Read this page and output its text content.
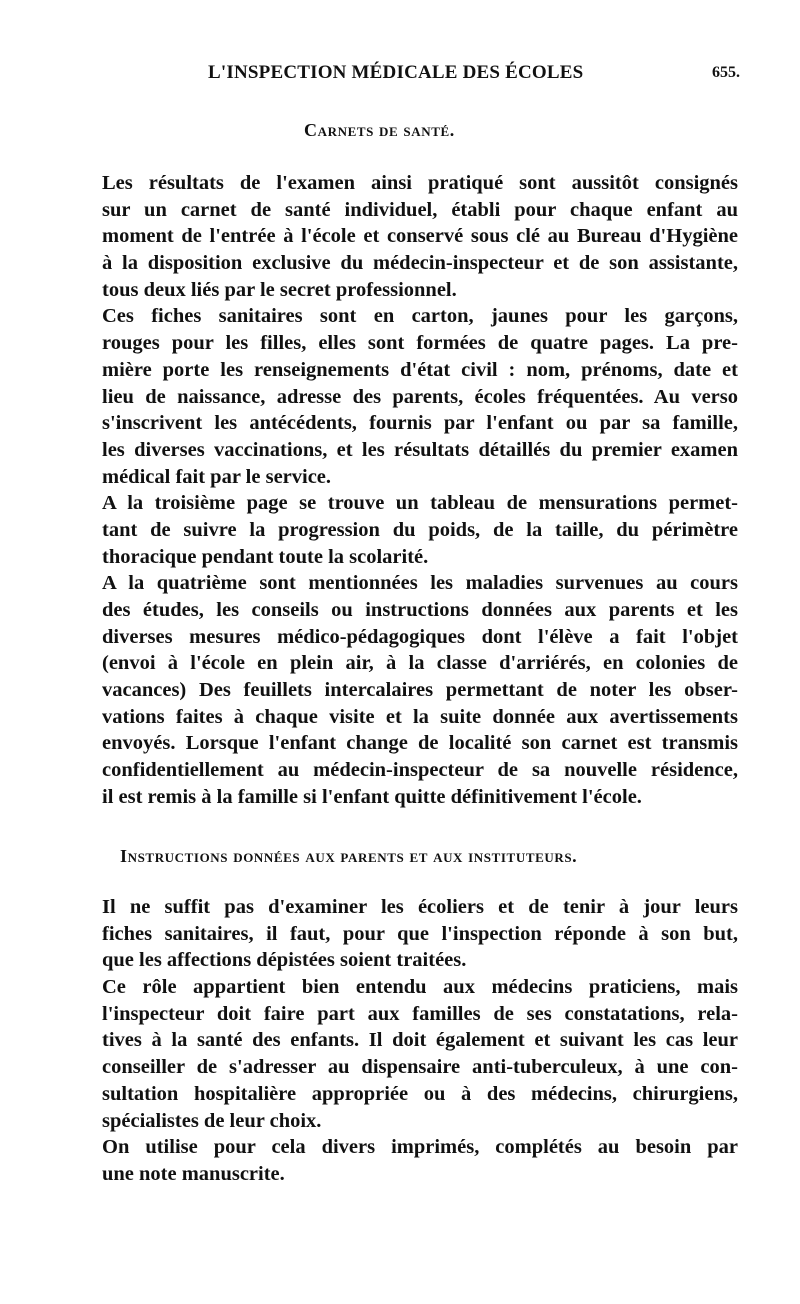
L'INSPECTION MÉDICALE DES ÉCOLES	655.
Carnets de santé.
Les résultats de l'examen ainsi pratiqué sont aussitôt consignés
sur un carnet de santé individuel, établi pour chaque enfant au
moment de l'entrée à l'école et conservé sous clé au Bureau d'Hygiène
à la disposition exclusive du médecin-inspecteur et de son assistante,
tous deux liés par le secret professionnel.
Ces fiches sanitaires sont en carton, jaunes pour les garçons,
rouges pour les filles, elles sont formées de quatre pages. La pre-
mière porte les renseignements d'état civil : nom, prénoms, date et
lieu de naissance, adresse des parents, écoles fréquentées. Au verso
s'inscrivent les antécédents, fournis par l'enfant ou par sa famille,
les diverses vaccinations, et les résultats détaillés du premier examen
médical fait par le service.
A la troisième page se trouve un tableau de mensurations permet-
tant de suivre la progression du poids, de la taille, du périmètre
thoracique pendant toute la scolarité.
A la quatrième sont mentionnées les maladies survenues au cours
des études, les conseils ou instructions données aux parents et les
diverses mesures médico-pédagogiques dont l'élève a fait l'objet
(envoi à l'école en plein air, à la classe d'arriérés, en colonies de
vacances) Des feuillets intercalaires permettant de noter les obser-
vations faites à chaque visite et la suite donnée aux avertissements
envoyés. Lorsque l'enfant change de localité son carnet est transmis
confidentiellement au médecin-inspecteur de sa nouvelle résidence,
il est remis à la famille si l'enfant quitte définitivement l'école.
Instructions données aux parents et aux instituteurs.
Il ne suffit pas d'examiner les écoliers et de tenir à jour leurs
fiches sanitaires, il faut, pour que l'inspection réponde à son but,
que les affections dépistées soient traitées.
Ce rôle appartient bien entendu aux médecins praticiens, mais
l'inspecteur doit faire part aux familles de ses constatations, rela-
tives à la santé des enfants. Il doit également et suivant les cas leur
conseiller de s'adresser au dispensaire anti-tuberculeux, à une con-
sultation hospitalière appropriée ou à des médecins, chirurgiens,
spécialistes de leur choix.
On utilise pour cela divers imprimés, complétés au besoin par
une note manuscrite.
